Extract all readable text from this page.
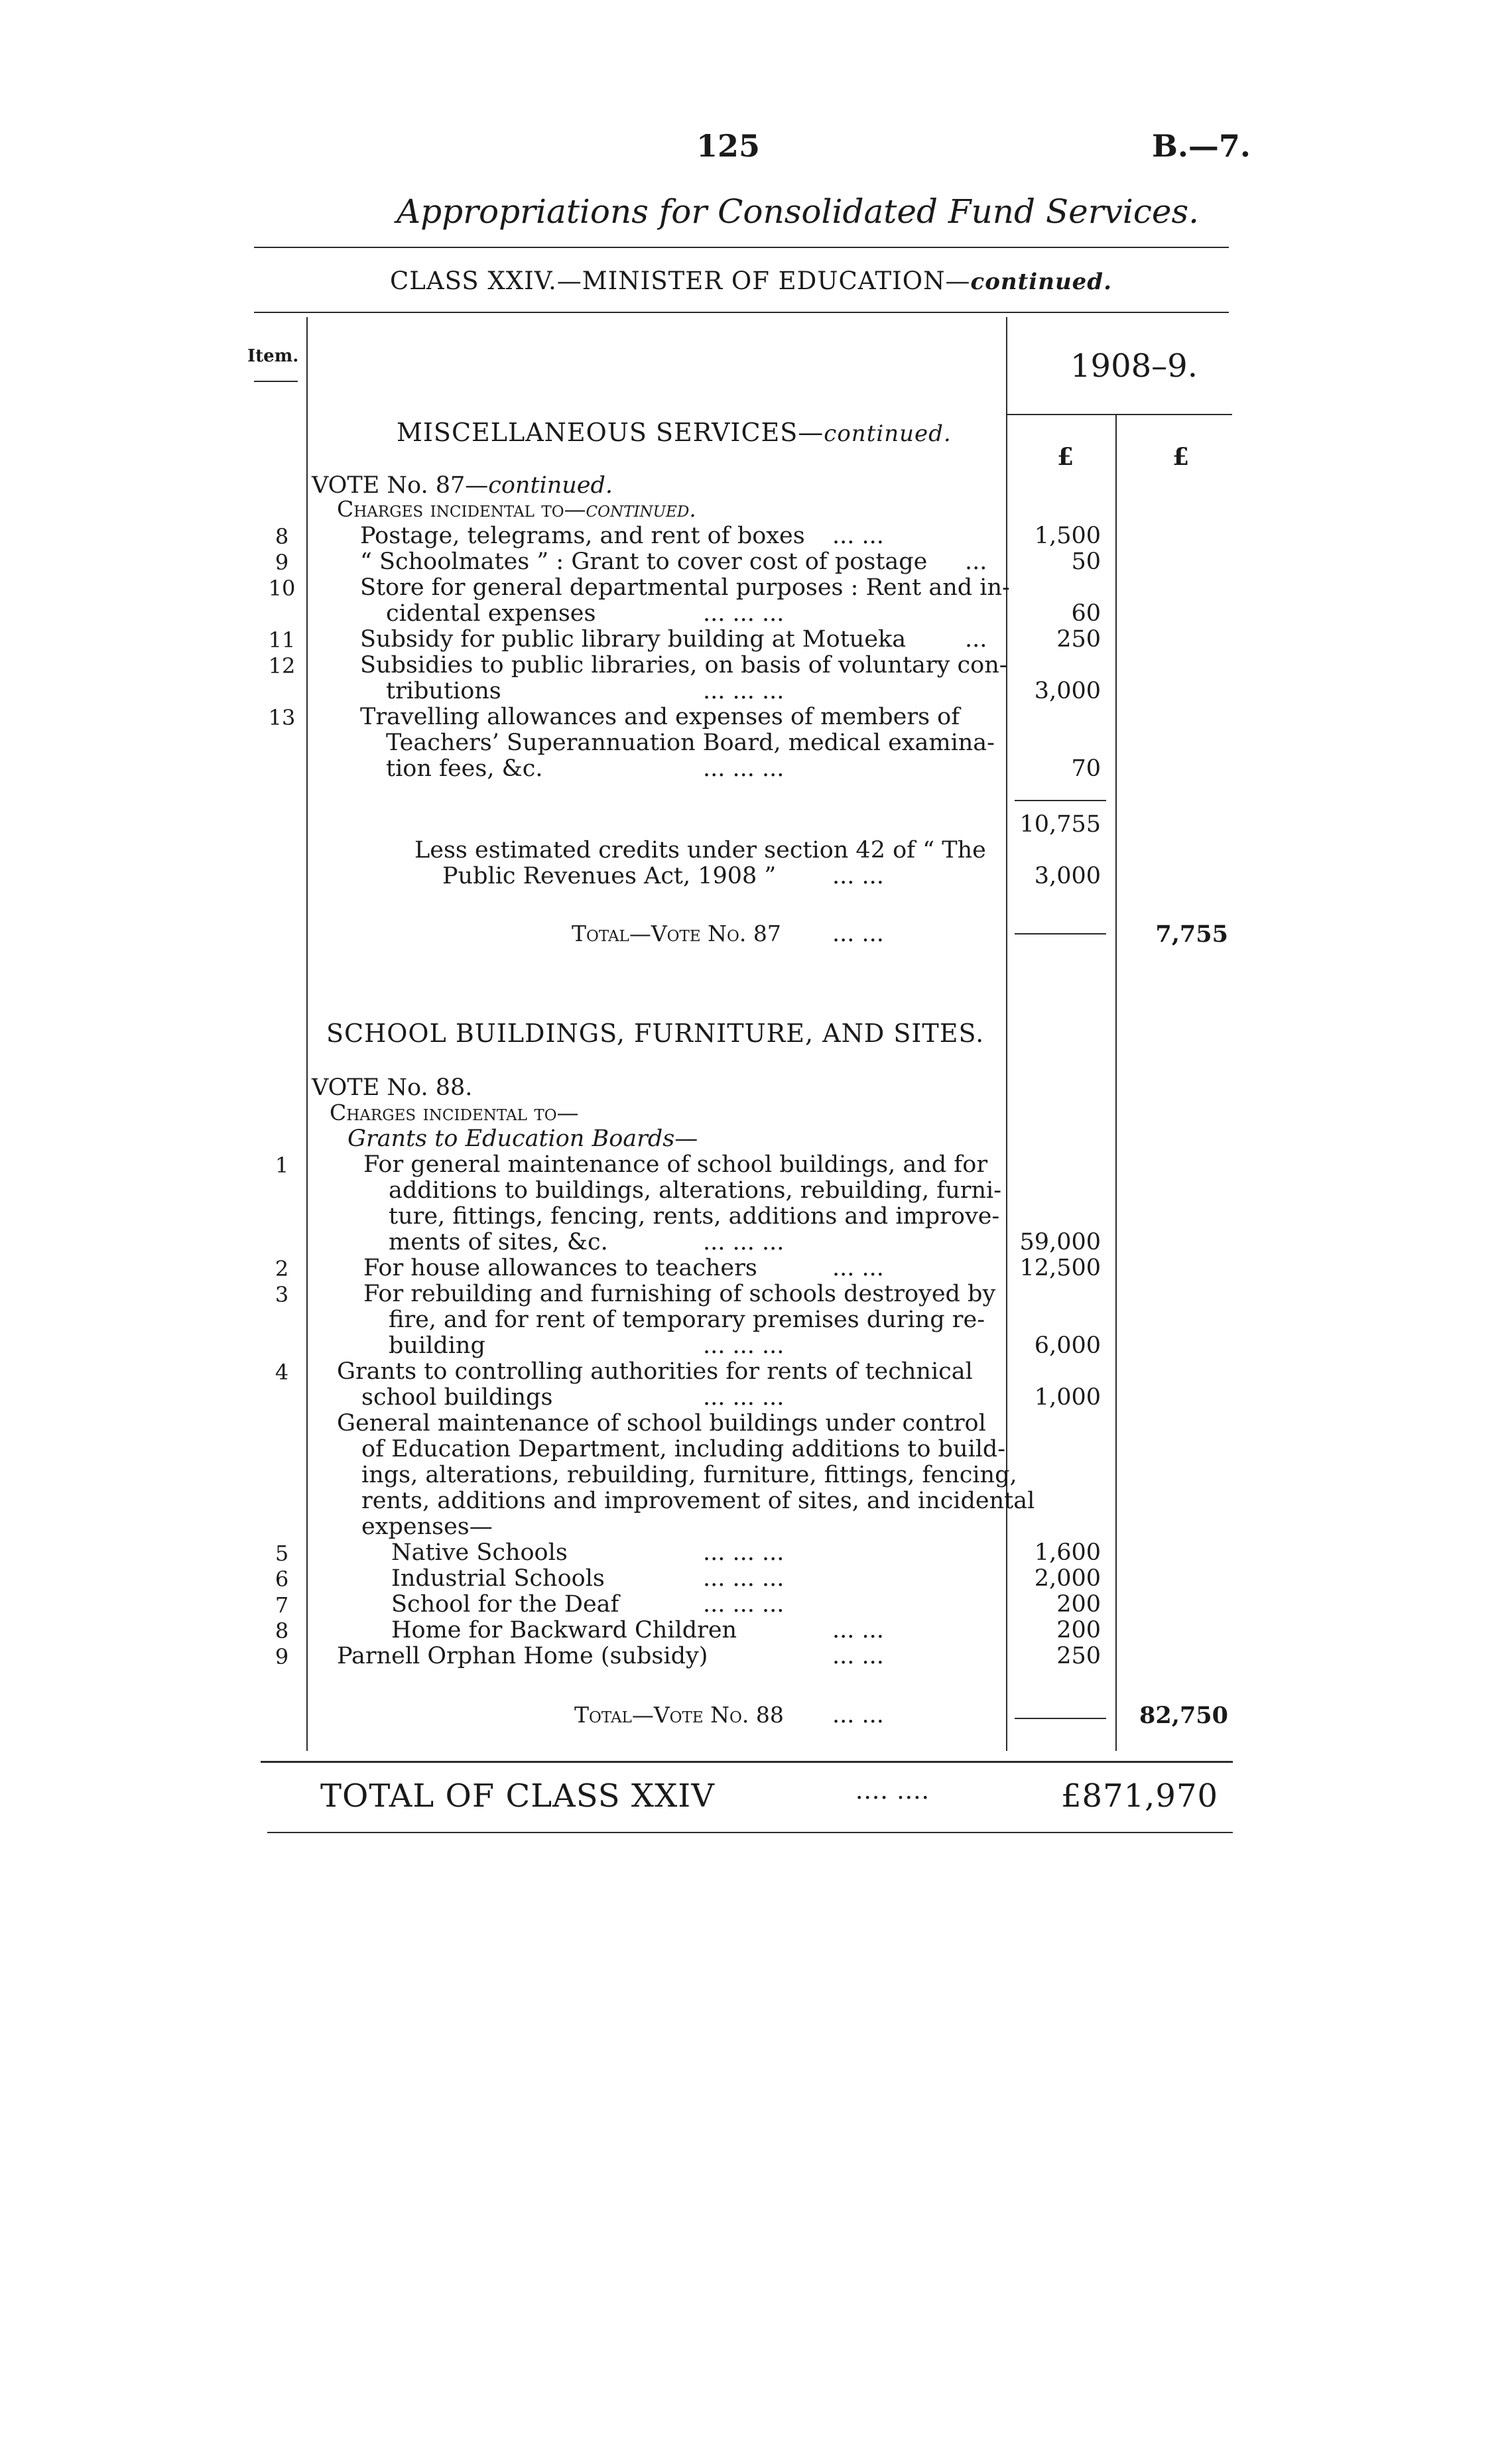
125	B.—7.
Appropriations for Consolidated Fund Services.
CLASS XXIV.—MINISTER OF EDUCATION—continued.
Item.	1908–9.
£	£
MISCELLANEOUS SERVICES—continued.
VOTE No. 87—continued.
Charges incidental to—continued.
8	Postage, telegrams, and rent of boxes ... ...	1,500
9	“ Schoolmates ” : Grant to cover cost of postage ...	50
10	Store for general departmental purposes : Rent and in-
cidental expenses	... ... ...	60
11	Subsidy for public library building at Motueka	...	250
12	Subsidies to public libraries, on basis of voluntary con-
tributions	... ... ...	3,000
13	Travelling allowances and expenses of members of
Teachers’ Superannuation Board, medical examina-
tion fees, &c.	... ... ...	70
10,755
Less estimated credits under section 42 of “ The
Public Revenues Act, 1908 ” ... ...	3,000
Total—Vote No. 87 ... ...	7,755
SCHOOL BUILDINGS, FURNITURE, AND SITES.
VOTE No. 88.
Charges incidental to—
Grants to Education Boards—
1	For general maintenance of school buildings, and for
additions to buildings, alterations, rebuilding, furni-
ture, fittings, fencing, rents, additions and improve-
ments of sites, &c.	... ... ...	59,000
2	For house allowances to teachers	... ...	12,500
3	For rebuilding and furnishing of schools destroyed by
fire, and for rent of temporary premises during re-
building	... ... ...	6,000
4	Grants to controlling authorities for rents of technical
school buildings	... ... ...	1,000
General maintenance of school buildings under control
of Education Department, including additions to build-
ings, alterations, rebuilding, furniture, fittings, fencing,
rents, additions and improvement of sites, and incidental
expenses—
5	Native Schools	... ... ...	1,600
6	Industrial Schools	... ... ...	2,000
7	School for the Deaf	... ... ...	200
8	Home for Backward Children	... ...	200
9	Parnell Orphan Home (subsidy)	... ...	250
Total—Vote No. 88 ... ...	82,750
TOTAL OF CLASS XXIV	.... ....	£871,970
